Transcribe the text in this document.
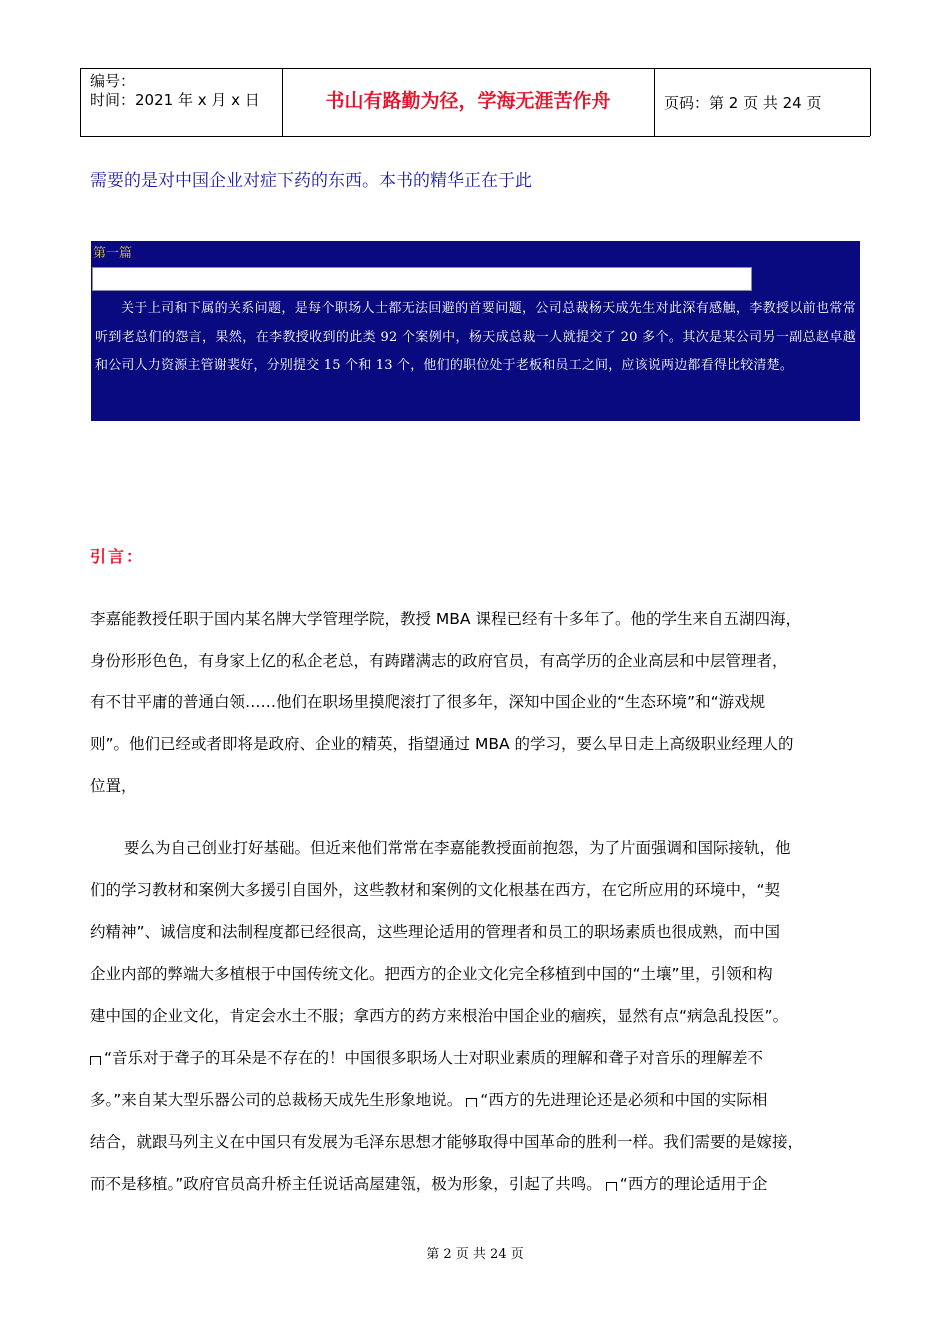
编号：
时间：2021 年 x 月 x 日	书山有路勤为径，学海无涯苦作舟	页码：第 2 页 共 24 页
需要的是对中国企业对症下药的东西。本书的精华正在于此
第一篇

关于上司和下属的关系问题，是每个职场人士都无法回避的首要问题，公司总裁杨天成先生对此深有感触，李教授以前也常常听到老总们的怨言，果然，在李教授收到的此类 92 个案例中，杨天成总裁一人就提交了 20 多个。其次是某公司另一副总赵卓越和公司人力资源主管谢裴好，分别提交 15 个和 13 个，他们的职位处于老板和员工之间，应该说两边都看得比较清楚。

引言：
李嘉能教授任职于国内某名牌大学管理学院，教授 MBA 课程已经有十多年了。他的学生来自五湖四海，
身份形形色色，有身家上亿的私企老总，有踌躇满志的政府官员，有高学历的企业高层和中层管理者，
有不甘平庸的普通白领……他们在职场里摸爬滚打了很多年，深知中国企业的“生态环境”和“游戏规
则”。他们已经或者即将是政府、企业的精英，指望通过 MBA 的学习，要么早日走上高级职业经理人的
位置，
要么为自己创业打好基础。但近来他们常常在李嘉能教授面前抱怨，为了片面强调和国际接轨，他
们的学习教材和案例大多援引自国外，这些教材和案例的文化根基在西方，在它所应用的环境中，“契
约精神”、诚信度和法制程度都已经很高，这些理论适用的管理者和员工的职场素质也很成熟，而中国
企业内部的弊端大多植根于中国传统文化。把西方的企业文化完全移植到中国的“土壤”里，引领和构
建中国的企业文化，肯定会水土不服；拿西方的药方来根治中国企业的痼疾，显然有点“病急乱投医”。
“音乐对于聋子的耳朵是不存在的！中国很多职场人士对职业素质的理解和聋子对音乐的理解差不
多。”来自某大型乐器公司的总裁杨天成先生形象地说。 “西方的先进理论还是必须和中国的实际相
结合，就跟马列主义在中国只有发展为毛泽东思想才能够取得中国革命的胜利一样。我们需要的是嫁接，
而不是移植。”政府官员高升桥主任说话高屋建瓴，极为形象，引起了共鸣。 “西方的理论适用于企
第 2 页 共 24 页
